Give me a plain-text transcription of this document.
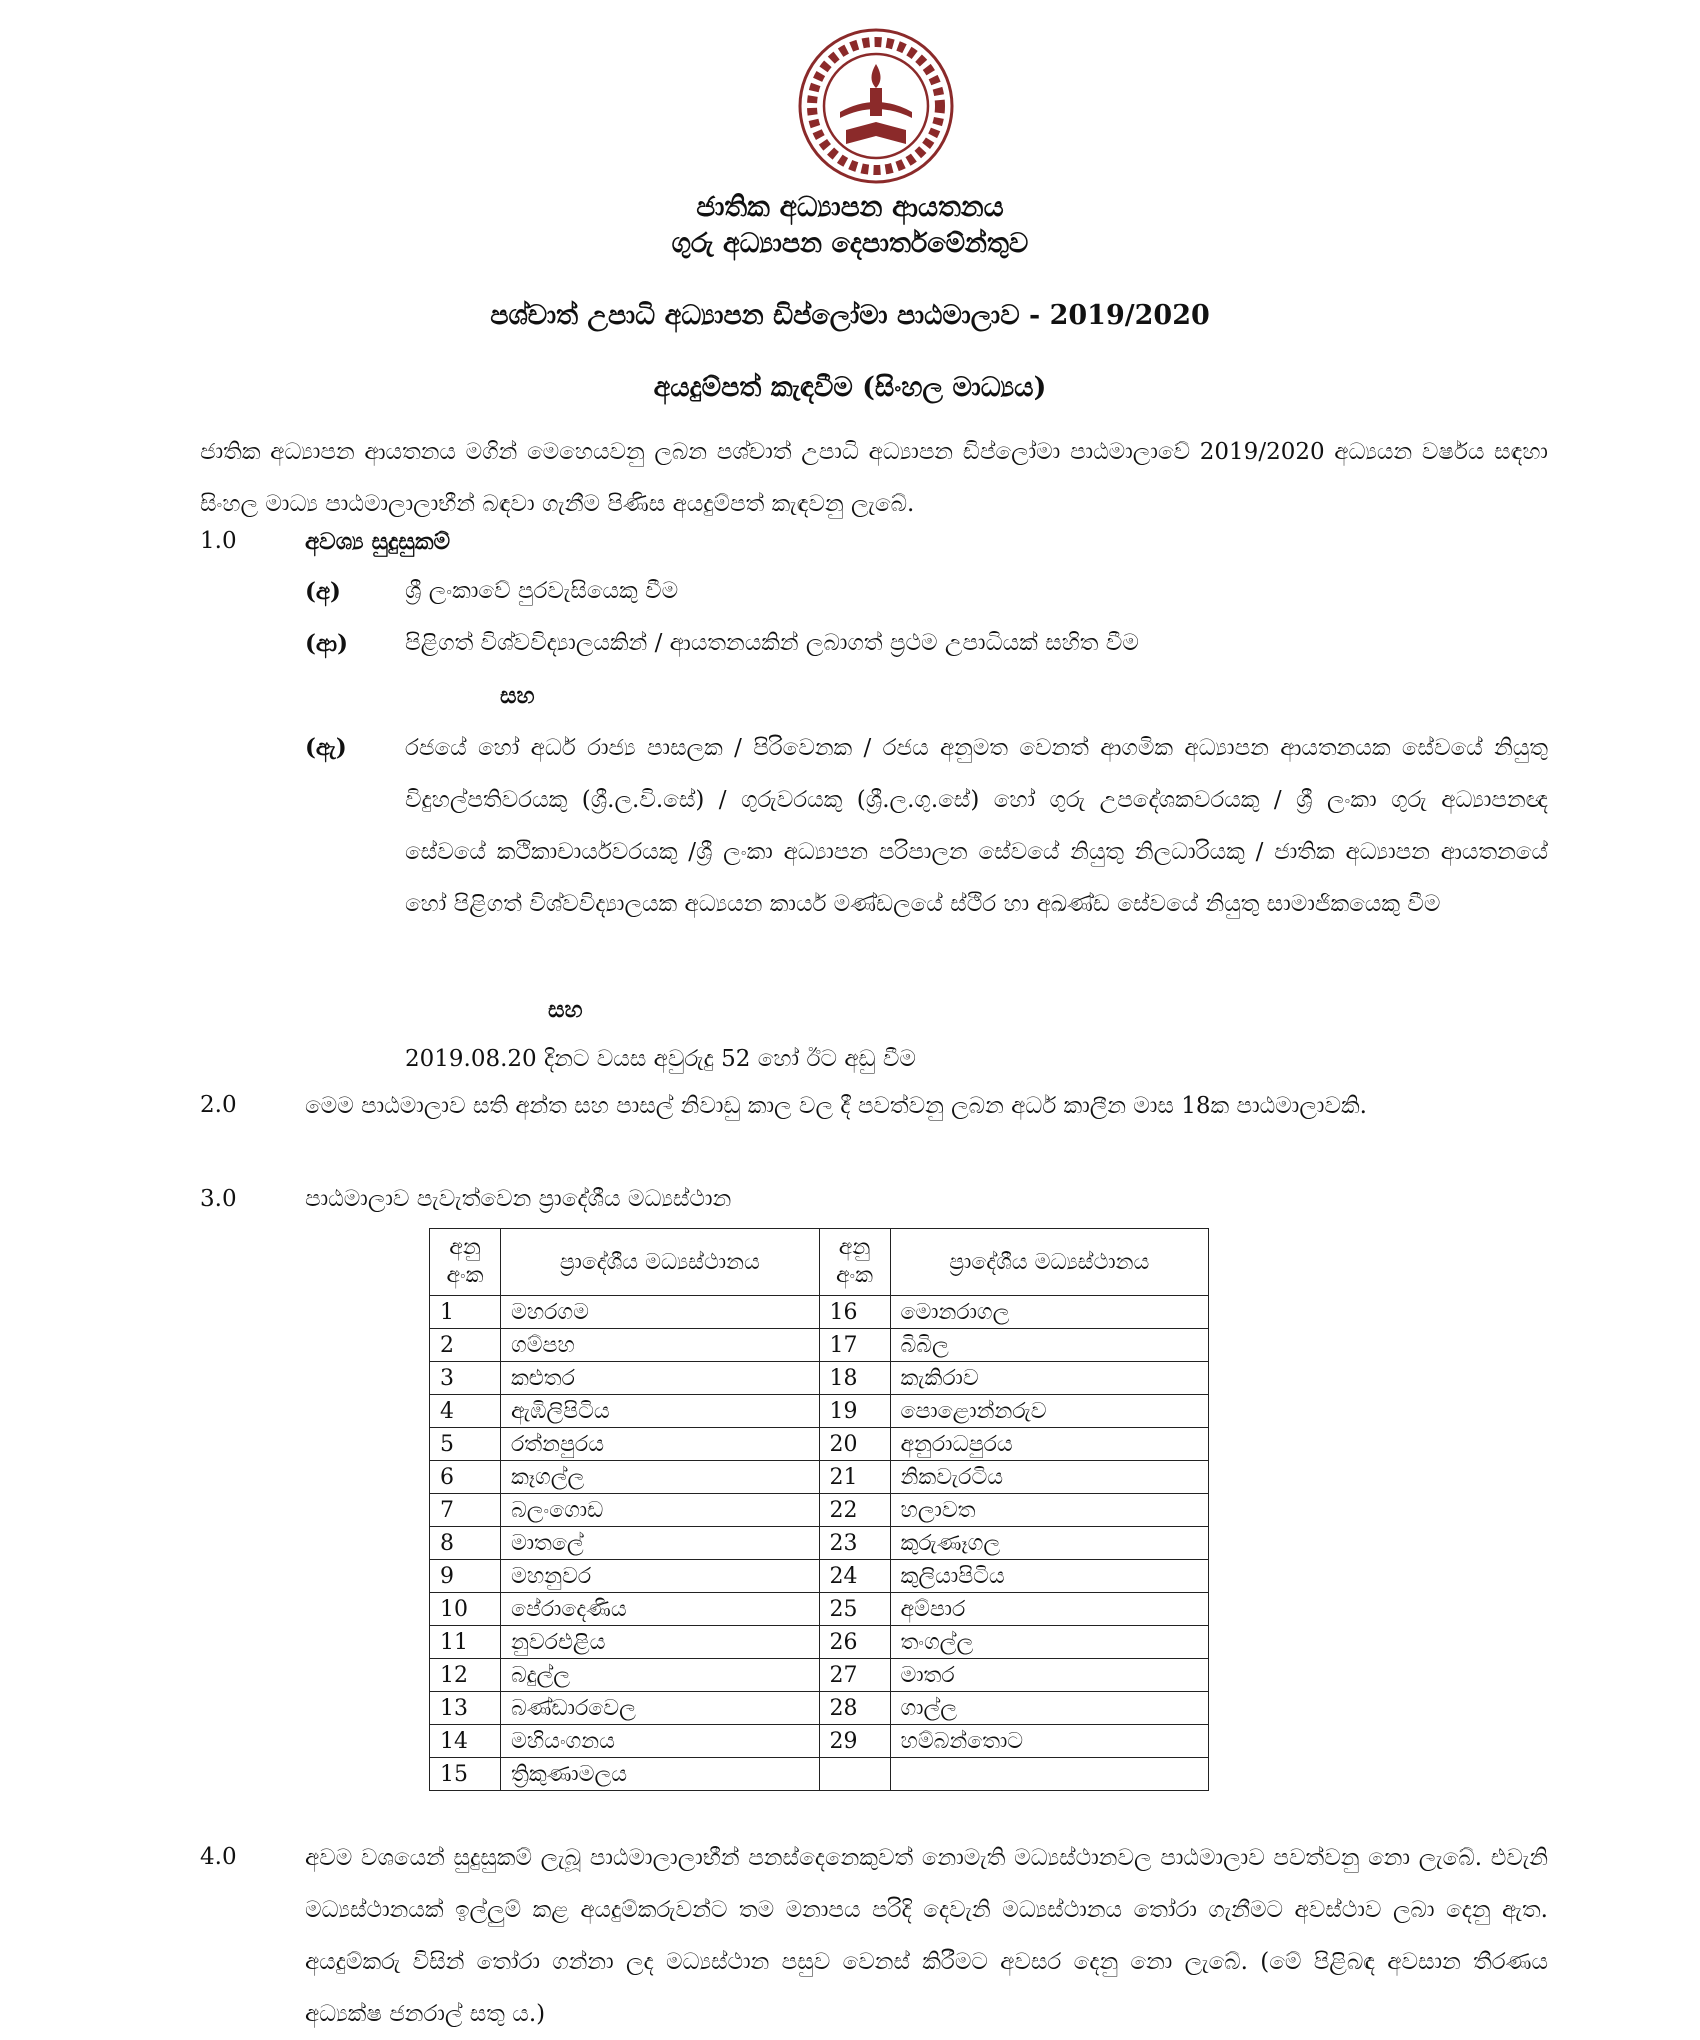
ජාතික අධ්‍යාපන ආයතනය
ගුරු අධ්‍යාපන දෙපාර්තමේන්තුව
පශ්චාත් උපාධි අධ්‍යාපන ඩිප්ලෝමා පාඨමාලාව - 2019/2020
අයදුම්පත් කැඳවීම (සිංහල මාධ්‍යය)
ජාතික අධ්‍යාපන ආයතනය මගින් මෙහෙයවනු ලබන පශ්චාත් උපාධි අධ්‍යාපන ඩිප්ලෝමා පාඨමාලාවේ 2019/2020 අධ්‍යයන වර්ෂය සඳහා සිංහල මාධ්‍ය පාඨමාලාලාභීන් බඳවා ගැනීම පිණිස අයදුම්පත් කැඳවනු ලැබේ.
1.0	අවශ්‍ය සුදුසුකම්
(අ)	ශ්‍රී ලංකාවේ පුරවැසියෙකු වීම
(ආ) පිළිගත් විශ්වවිද්‍යාලයකින් / ආයතනයකින් ලබාගත් ප්‍රථම උපාධියක් සහිත වීම
සහ
(ඇ)	රජයේ හෝ අර්ධ රාජ්‍ය පාසලක / පිරිවෙනක / රජය අනුමත වෙනත් ආගමික අධ්‍යාපන ආයතනයක සේවයේ නියුතු විදුහල්පතිවරයකු (ශ්‍රී.ල.වි.සේ) / ගුරුවරයකු (ශ්‍රී.ල.ගු.සේ) හෝ ගුරු උපදේශකවරයකු / ශ්‍රී ලංකා ගුරු අධ්‍යාපනඥ සේවයේ කථිකාචාර්යවරයකු /ශ්‍රී ලංකා අධ්‍යාපන පරිපාලන සේවයේ නියුතු නිලධාරියකු / ජාතික අධ්‍යාපන ආයතනයේ හෝ පිළිගත් විශ්වවිද්‍යාලයක අධ්‍යයන කාර්ය මණ්ඩලයේ ස්ථිර හා අඛණ්ඩ සේවයේ නියුතු සාමාජිකයෙකු වීම
සහ
2019.08.20 දිනට වයස අවුරුදු 52 හෝ ඊට අඩු වීම
2.0	මෙම පාඨමාලාව සති අන්ත සහ පාසල් නිවාඩු කාල වල දී පවත්වනු ලබන අර්ධ කාලීන මාස 18ක පාඨමාලාවකි.
3.0	පාඨමාලාව පැවැත්වෙන ප්‍රාදේශීය මධ්‍යස්ථාන
අනු අංක	ප්‍රාදේශීය මධ්‍යස්ථානය	අනු අංක	ප්‍රාදේශීය මධ්‍යස්ථානය
1	මහරගම	16	මොනරාගල
2	ගම්පහ	17	බිබිල
3	කළුතර	18	කැකිරාව
4	ඇඹිලිපිටිය	19	පොළොන්නරුව
5	රත්නපුරය	20	අනුරාධපුරය
6	කෑගල්ල	21	නිකවැරටිය
7	බලංගොඩ	22	හලාවත
8	මාතලේ	23	කුරුණෑගල
9	මහනුවර	24	කුලියාපිටිය
10	පේරාදෙණිය	25	අම්පාර
11	නුවරඑළිය	26	තංගල්ල
12	බදුල්ල	27	මාතර
13	බණ්ඩාරවෙල	28	ගාල්ල
14	මහියංගනය	29	හම්බන්තොට
15	ත්‍රිකුණාමලය		
4.0	අවම වශයෙන් සුදුසුකම් ලැබූ පාඨමාලාලාභීන් පනස්දෙනෙකුවත් නොමැති මධ්‍යස්ථානවල පාඨමාලාව පවත්වනු නො ලැබේ. එවැනි මධ්‍යස්ථානයක් ඉල්ලුම් කළ අයදුම්කරුවන්ට තම මනාපය පරිදි දෙවැනි මධ්‍යස්ථානය තෝරා ගැනීමට අවස්ථාව ලබා දෙනු ඇත. අයදුම්කරු විසින් තෝරා ගන්නා ලද මධ්‍යස්ථාන පසුව වෙනස් කිරීමට අවසර දෙනු නො ලැබේ. (මේ පිළිබඳ අවසාන තීරණය අධ්‍යක්ෂ ජනරාල් සතු ය.)
